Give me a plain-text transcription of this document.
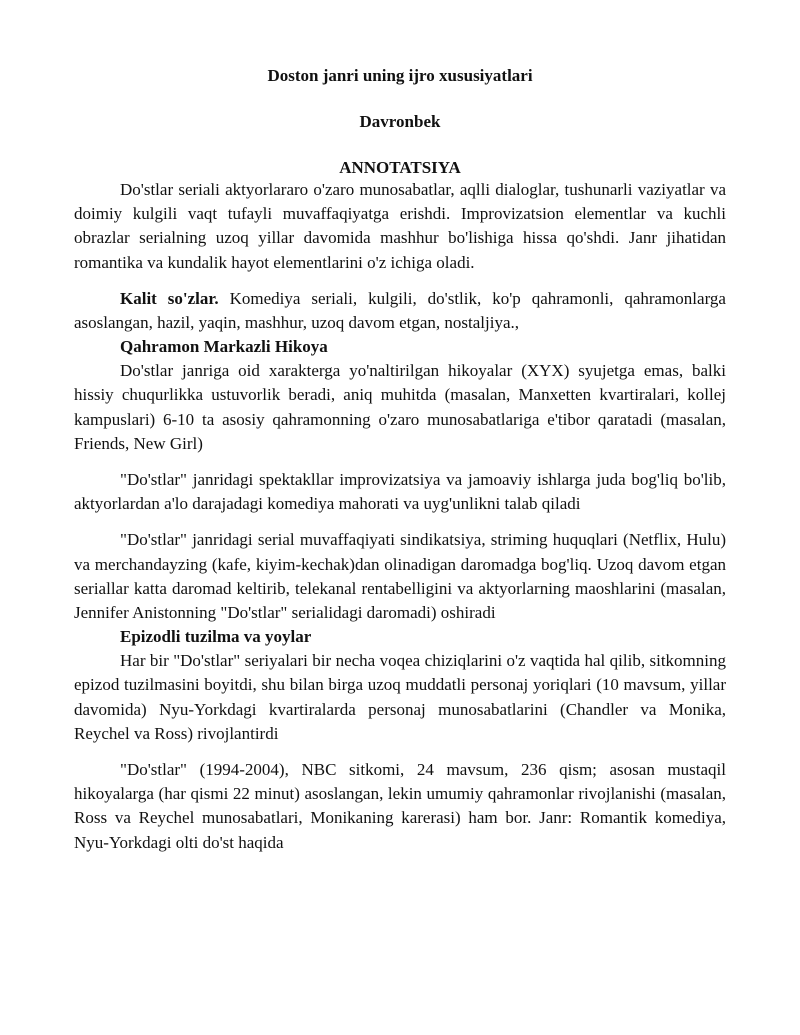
Doston janri uning ijro xususiyatlari

Davronbek

ANNOTATSIYA

Do'stlar seriali aktyorlararo o'zaro munosabatlar, aqlli dialoglar, tushunarli vaziyatlar va doimiy kulgili vaqt tufayli muvaffaqiyatga erishdi. Improvizatsion elementlar va kuchli obrazlar serialning uzoq yillar davomida mashhur bo'lishiga hissa qo'shdi. Janr jihatidan romantika va kundalik hayot elementlarini o'z ichiga oladi.

Kalit so'zlar. Komediya seriali, kulgili, do'stlik, ko'p qahramonli, qahramonlarga asoslangan, hazil, yaqin, mashhur, uzoq davom etgan, nostaljiya.,

Qahramon Markazli Hikoya

Do'stlar janriga oid xarakterga yo'naltirilgan hikoyalar (XYX) syujetga emas, balki hissiy chuqurlikka ustuvorlik beradi, aniq muhitda (masalan, Manxetten kvartiralari, kollej kampuslari) 6-10 ta asosiy qahramonning o'zaro munosabatlariga e'tibor qaratadi (masalan, Friends, New Girl)

"Do'stlar" janridagi spektakllar improvizatsiya va jamoaviy ishlarga juda bog'liq bo'lib, aktyorlardan a'lo darajadagi komediya mahorati va uyg'unlikni talab qiladi

"Do'stlar" janridagi serial muvaffaqiyati sindikatsiya, striming huquqlari (Netflix, Hulu) va merchandayzing (kafe, kiyim-kechak)dan olinadigan daromadga bog'liq. Uzoq davom etgan seriallar katta daromad keltirib, telekanal rentabelligini va aktyorlarning maoshlarini (masalan, Jennifer Anistonning "Do'stlar" serialidagi daromadi) oshiradi

Epizodli tuzilma va yoylar

Har bir "Do'stlar" seriyalari bir necha voqea chiziqlarini o'z vaqtida hal qilib, sitkomning epizod tuzilmasini boyitdi, shu bilan birga uzoq muddatli personaj yoriqlari (10 mavsum, yillar davomida) Nyu-Yorkdagi kvartiralarda personaj munosabatlarini (Chandler va Monika, Reychel va Ross) rivojlantirdi

"Do'stlar" (1994-2004), NBC sitkomi, 24 mavsum, 236 qism; asosan mustaqil hikoyalarga (har qismi 22 minut) asoslangan, lekin umumiy qahramonlar rivojlanishi (masalan, Ross va Reychel munosabatlari, Monikaning karerasi) ham bor. Janr: Romantik komediya, Nyu-Yorkdagi olti do'st haqida
